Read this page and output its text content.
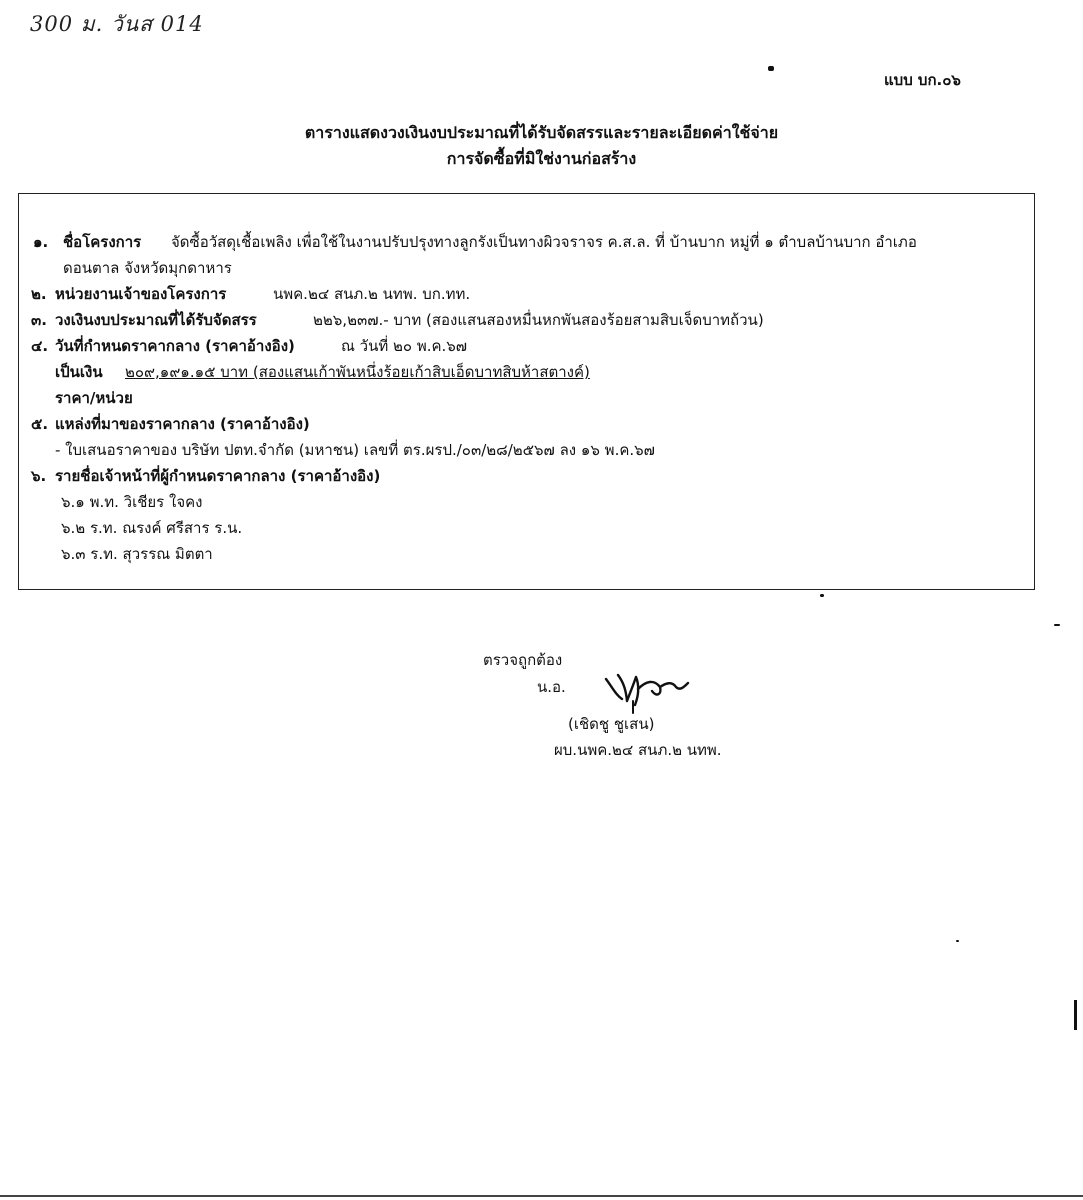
300 ม. วันส 014
แบบ บก.๐๖
ตารางแสดงวงเงินงบประมาณที่ได้รับจัดสรรและรายละเอียดค่าใช้จ่าย
การจัดซื้อที่มิใช่งานก่อสร้าง
๑. ชื่อโครงการ จัดซื้อวัสดุเชื้อเพลิง เพื่อใช้ในงานปรับปรุงทางลูกรังเป็นทางผิวจราจร ค.ส.ล. ที่ บ้านบาก หมู่ที่ ๑ ตำบลบ้านบาก อำเภอ
ดอนตาล จังหวัดมุกดาหาร
๒. หน่วยงานเจ้าของโครงการ	นพค.๒๔ สนภ.๒ นทพ. บก.ทท.
๓. วงเงินงบประมาณที่ได้รับจัดสรร	๒๒๖,๒๓๗.- บาท (สองแสนสองหมื่นหกพันสองร้อยสามสิบเจ็ดบาทถ้วน)
๔. วันที่กำหนดราคากลาง (ราคาอ้างอิง)	ณ วันที่ ๒๐ พ.ค.๖๗
เป็นเงิน ๒๐๙,๑๙๑.๑๕ บาท (สองแสนเก้าพันหนึ่งร้อยเก้าสิบเอ็ดบาทสิบห้าสตางค์)
ราคา/หน่วย
๕. แหล่งที่มาของราคากลาง (ราคาอ้างอิง)
- ใบเสนอราคาของ บริษัท ปตท.จำกัด (มหาชน) เลขที่ ตร.ผรป./๐๓/๒๘/๒๕๖๗ ลง ๑๖ พ.ค.๖๗
๖. รายชื่อเจ้าหน้าที่ผู้กำหนดราคากลาง (ราคาอ้างอิง)
๖.๑ พ.ท. วิเชียร ใจคง
๖.๒ ร.ท. ณรงค์ ศรีสาร ร.น.
๖.๓ ร.ท. สุวรรณ มิตตา
ตรวจถูกต้อง
น.อ.
(เชิดชู ชูเสน)
ผบ.นพค.๒๔ สนภ.๒ นทพ.
